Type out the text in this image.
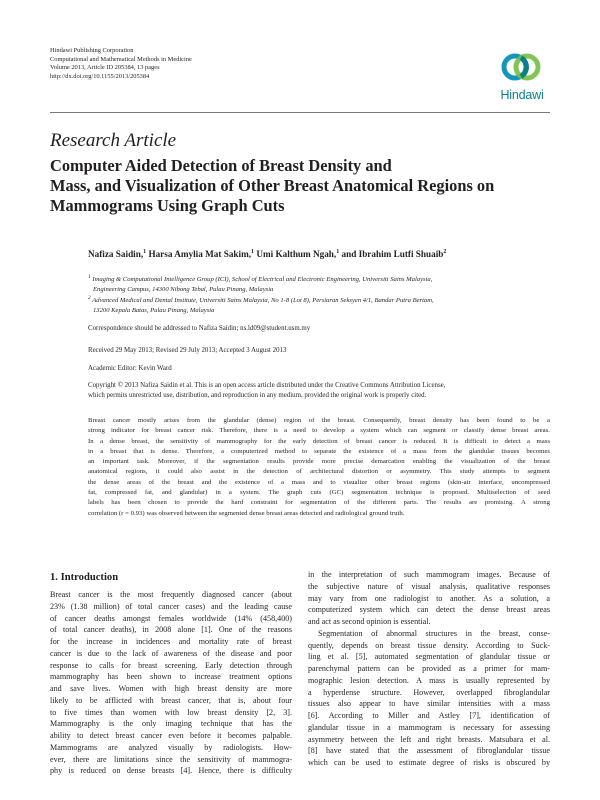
Hindawi Publishing Corporation
Computational and Mathematical Methods in Medicine
Volume 2013, Article ID 205384, 13 pages
http://dx.doi.org/10.1155/2013/205384
Hindawi
Research Article
Computer Aided Detection of Breast Density and
Mass, and Visualization of Other Breast Anatomical Regions on
Mammograms Using Graph Cuts
Nafiza Saidin,$^1$ Harsa Amylia Mat Sakim,$^1$ Umi Kalthum Ngah,$^1$ and Ibrahim Lutfi Shuaib$^2$
$^1$ Imaging & Computational Intelligence Group (ICI), School of Electrical and Electronic Engineering, Universiti Sains Malaysia,
Engineering Campus, 14300 Nibong Tebal, Pulau Pinang, Malaysia
$^2$ Advanced Medical and Dental Institute, Universiti Sains Malaysia, No 1-8 (Lot 8), Persiaran Seksyen 4/1, Bandar Putra Bertam,
13200 Kepala Batas, Pulau Pinang, Malaysia
Correspondence should be addressed to Nafiza Saidin; ns.ld09@student.usm.my
Received 29 May 2013; Revised 29 July 2013; Accepted 3 August 2013
Academic Editor: Kevin Ward
Copyright © 2013 Nafiza Saidin et al. This is an open access article distributed under the Creative Commons Attribution License,
which permits unrestricted use, distribution, and reproduction in any medium, provided the original work is properly cited.
Breast cancer mostly arises from the glandular (dense) region of the breast. Consequently, breast density has been found to be a
strong indicator for breast cancer risk. Therefore, there is a need to develop a system which can segment or classify dense breast areas.
In a dense breast, the sensitivity of mammography for the early detection of breast cancer is reduced. It is difficult to detect a mass
in a breast that is dense. Therefore, a computerized method to separate the existence of a mass from the glandular tissues becomes
an important task. Moreover, if the segmentation results provide more precise demarcation enabling the visualization of the breast
anatomical regions, it could also assist in the detection of architectural distortion or asymmetry. This study attempts to segment
the dense areas of the breast and the existence of a mass and to visualize other breast regions (skin-air interface, uncompressed
fat, compressed fat, and glandular) in a system. The graph cuts (GC) segmentation technique is proposed. Multiselection of seed
labels has been chosen to provide the hard constraint for segmentation of the different parts. The results are promising. A strong
correlation (r = 0.93) was observed between the segmented dense breast areas detected and radiological ground truth.
1. Introduction
Breast cancer is the most frequently diagnosed cancer (about
23% (1.38 million) of total cancer cases) and the leading cause
of cancer deaths amongst females worldwide (14% (458,400)
of total cancer deaths), in 2008 alone [1]. One of the reasons
for the increase in incidences and mortality rate of breast
cancer is due to the lack of awareness of the disease and poor
response to calls for breast screening. Early detection through
mammography has been shown to increase treatment options
and save lives. Women with high breast density are more
likely to be afflicted with breast cancer, that is, about four
to five times than women with low breast density [2, 3].
Mammography is the only imaging technique that has the
ability to detect breast cancer even before it becomes palpable.
Mammograms are analyzed visually by radiologists. How-
ever, there are limitations since the sensitivity of mammogra-
phy is reduced on dense breasts [4]. Hence, there is difficulty
in the interpretation of such mammogram images. Because of
the subjective nature of visual analysis, qualitative responses
may vary from one radiologist to another. As a solution, a
computerized system which can detect the dense breast areas
and act as second opinion is essential.
Segmentation of abnormal structures in the breast, conse-
quently, depends on breast tissue density. According to Suck-
ling et al. [5], automated segmentation of glandular tissue or
parenchymal pattern can be provided as a primer for mam-
mographic lesion detection. A mass is usually represented by
a hyperdense structure. However, overlapped fibroglandular
tissues also appear to have similar intensities with a mass
[6]. According to Miller and Astley [7], identification of
glandular tissue in a mammogram is necessary for assessing
asymmetry between the left and right breasts. Matsubara et al.
[8] have stated that the assessment of fibroglandular tissue
which can be used to estimate degree of risks is obscured by
